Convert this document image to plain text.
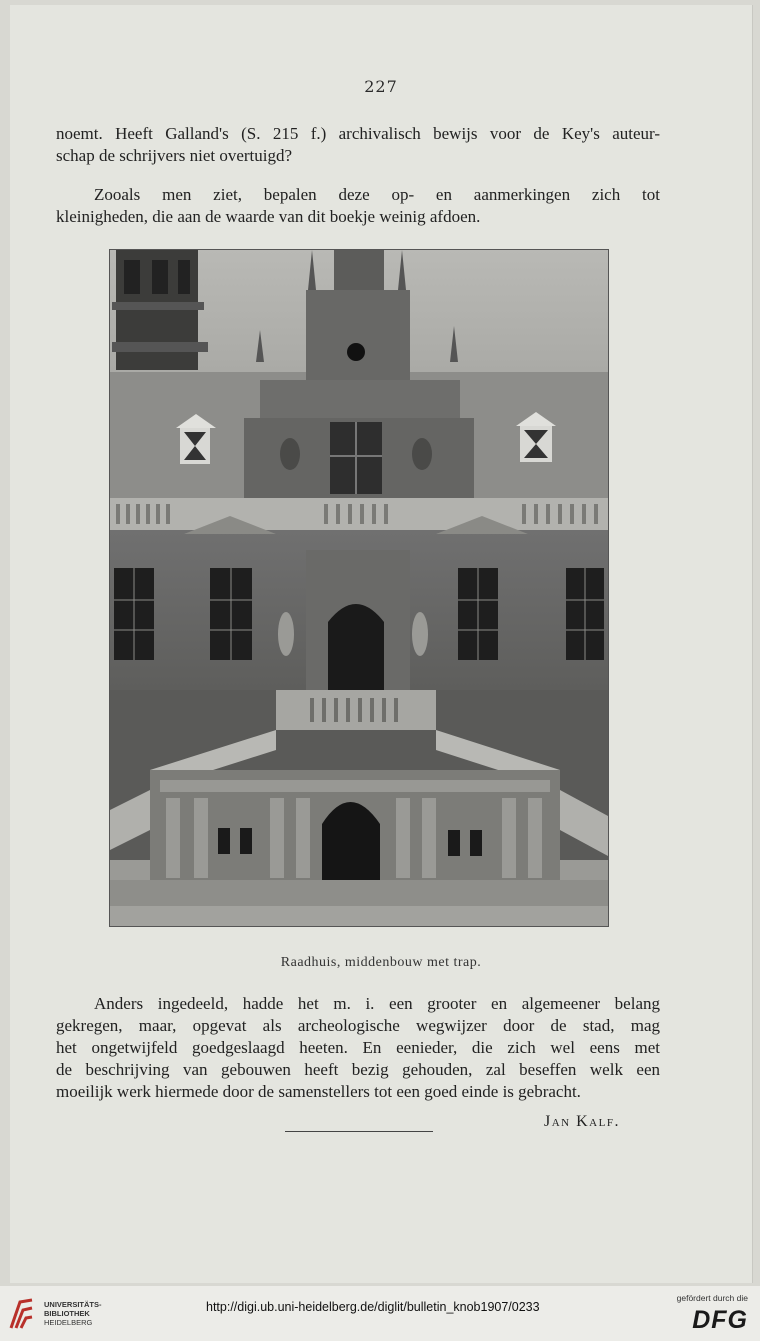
227

noemt. Heeft Galland's (S. 215 f.) archivalisch bewijs voor de Key's auteur-
schap de schrijvers niet overtuigd?

Zooals men ziet, bepalen deze op- en aanmerkingen zich tot
kleinigheden, die aan de waarde van dit boekje weinig afdoen.

Raadhuis, middenbouw met trap.

Anders ingedeeld, hadde het m. i. een grooter en algemeener belang
gekregen, maar, opgevat als archeologische wegwijzer door de stad, mag
het ongetwijfeld goedgeslaagd heeten. En eenieder, die zich wel eens met
de beschrijving van gebouwen heeft bezig gehouden, zal beseffen welk een
moeilijk werk hiermede door de samenstellers tot een goed einde is gebracht.

Jan Kalf.
UNIVERSITÄTS-
BIBLIOTHEK
HEIDELBERG
http://digi.ub.uni-heidelberg.de/diglit/bulletin_knob1907/0233
gefördert durch die
DFG
